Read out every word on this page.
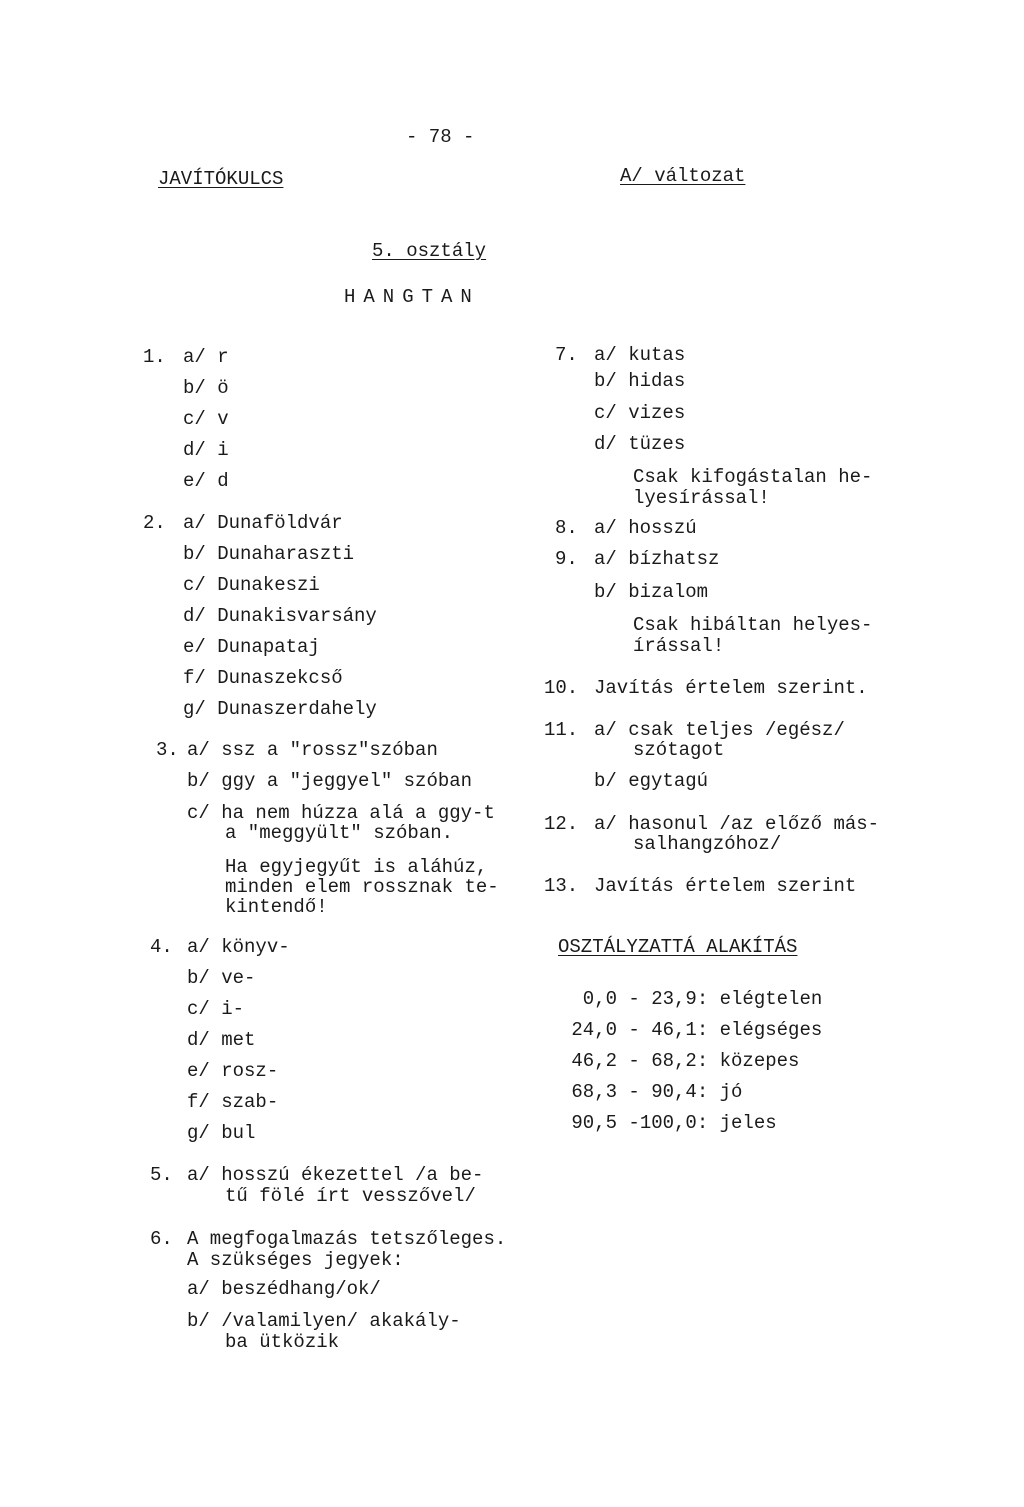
- 78 -
JAVÍTÓKULCS	A/ változat
5. osztály
HANGTAN
1. a/ r
b/ ö
c/ v
d/ i
e/ d
2. a/ Dunaföldvár
b/ Dunaharaszti
c/ Dunakeszi
d/ Dunakisvarsány
e/ Dunapataj
f/ Dunaszekcső
g/ Dunaszerdahely
3. a/ ssz a "rossz"szóban
b/ ggy a "jeggyel" szóban
c/ ha nem húzza alá a ggy-t
a "meggyült" szóban.
Ha egyjegyűt is aláhúz,
minden elem rossznak te-
kintendő!
4. a/ könyv-
b/ ve-
c/ i-
d/ met
e/ rosz-
f/ szab-
g/ bul
5. a/ hosszú ékezettel /a be-
tű fölé írt vesszővel/
6. A megfogalmazás tetszőleges.
A szükséges jegyek:
a/ beszédhang/ok/
b/ /valamilyen/ akakály-
ba ütközik
7. a/ kutas
b/ hidas
c/ vizes
d/ tüzes
Csak kifogástalan he-
lyesírással!
8. a/ hosszú
9. a/ bízhatsz
b/ bizalom
Csak hibáltan helyes-
írással!
10. Javítás értelem szerint.
11. a/ csak teljes /egész/
szótagot
b/ egytagú
12. a/ hasonul /az előző más-
salhangzóhoz/
13. Javítás értelem szerint
OSZTÁLYZATTÁ ALAKÍTÁS
0,0 - 23,9: elégtelen
24,0 - 46,1: elégséges
46,2 - 68,2: közepes
68,3 - 90,4: jó
90,5 -100,0: jeles
